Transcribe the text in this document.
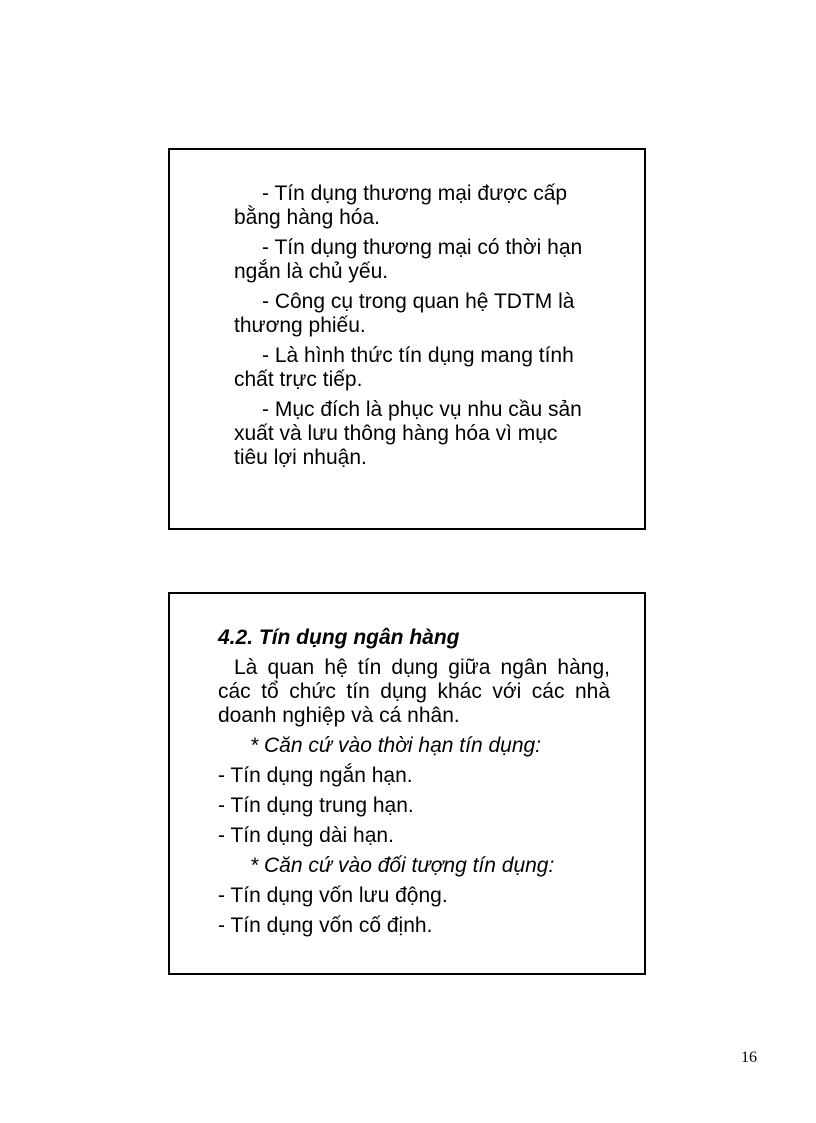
- Tín dụng thương mại được cấp bằng hàng hóa.

- Tín dụng thương mại có thời hạn ngắn là chủ yếu.

- Công cụ trong quan hệ TDTM là thương phiếu.

- Là hình thức tín dụng mang tính chất trực tiếp.

- Mục đích là phục vụ nhu cầu sản xuất và lưu thông hàng hóa vì mục tiêu lợi nhuận.

4.2. Tín dụng ngân hàng

Là quan hệ tín dụng giữa ngân hàng, các tổ chức tín dụng khác với các nhà doanh nghiệp và cá nhân.

* Căn cứ vào thời hạn tín dụng:

- Tín dụng ngắn hạn.

- Tín dụng trung hạn.

- Tín dụng dài hạn.

* Căn cứ vào đối tượng tín dụng:

- Tín dụng vốn lưu động.

- Tín dụng vốn cố định.

16
